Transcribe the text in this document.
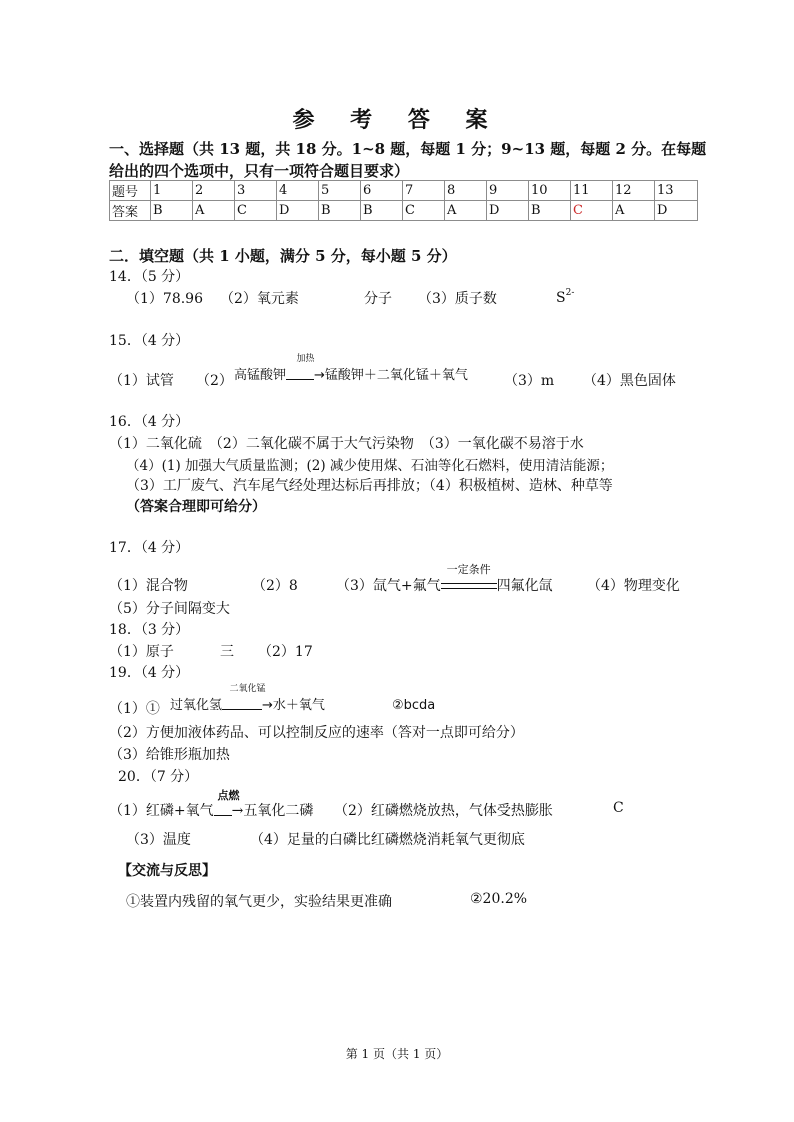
参 考 答 案
一、选择题（共 13 题，共 18 分。1~8 题，每题 1 分；9~13 题，每题 2 分。在每题
给出的四个选项中，只有一项符合题目要求）
题号	1	2	3	4	5	6	7	8	9	10	11	12	13
答案	B	A	C	D	B	B	C	A	D	B	C	A	D
二．填空题（共 1 小题，满分 5 分，每小题 5 分）
14．（5 分）
（1）78.96 （2）氧元素	分子 （3）质子数	$S^{2-}$
15．（4 分）
（1）试管 （2） 高锰酸钾
加热
→锰酸钾＋二氧化锰＋氧气	（3）m （4）黑色固体
16．（4 分）
（1）二氧化硫　（2）二氧化碳不属于大气污染物　（3）一氧化碳不易溶于水
（4）(1) 加强大气质量监测；(2) 减少使用煤、石油等化石燃料，使用清洁能源；
（3）工厂废气、汽车尾气经处理达标后再排放；（4）积极植树、造林、种草等
（答案合理即可给分）
17．（4 分）
（1）混合物	（2）8	（3）氙气+氟气
一定条件
四氟化氙 （4）物理变化
（5）分子间隔变大
18．（3 分）
（1）原子	三 （2）17
19．（4 分）
（1）① 过氧化氢
二氧化锰
→水＋氧气	②bcda
（2）方便加液体药品、可以控制反应的速率（答对一点即可给分）
（3）给锥形瓶加热
20．（7 分）
（1）红磷+氧气
点燃
→五氧化二磷 （2）红磷燃烧放热，气体受热膨胀	C
（3）温度	（4）足量的白磷比红磷燃烧消耗氧气更彻底
【交流与反思】
①装置内残留的氧气更少，实验结果更准确	②20.2%
第 1 页（共 1 页）
